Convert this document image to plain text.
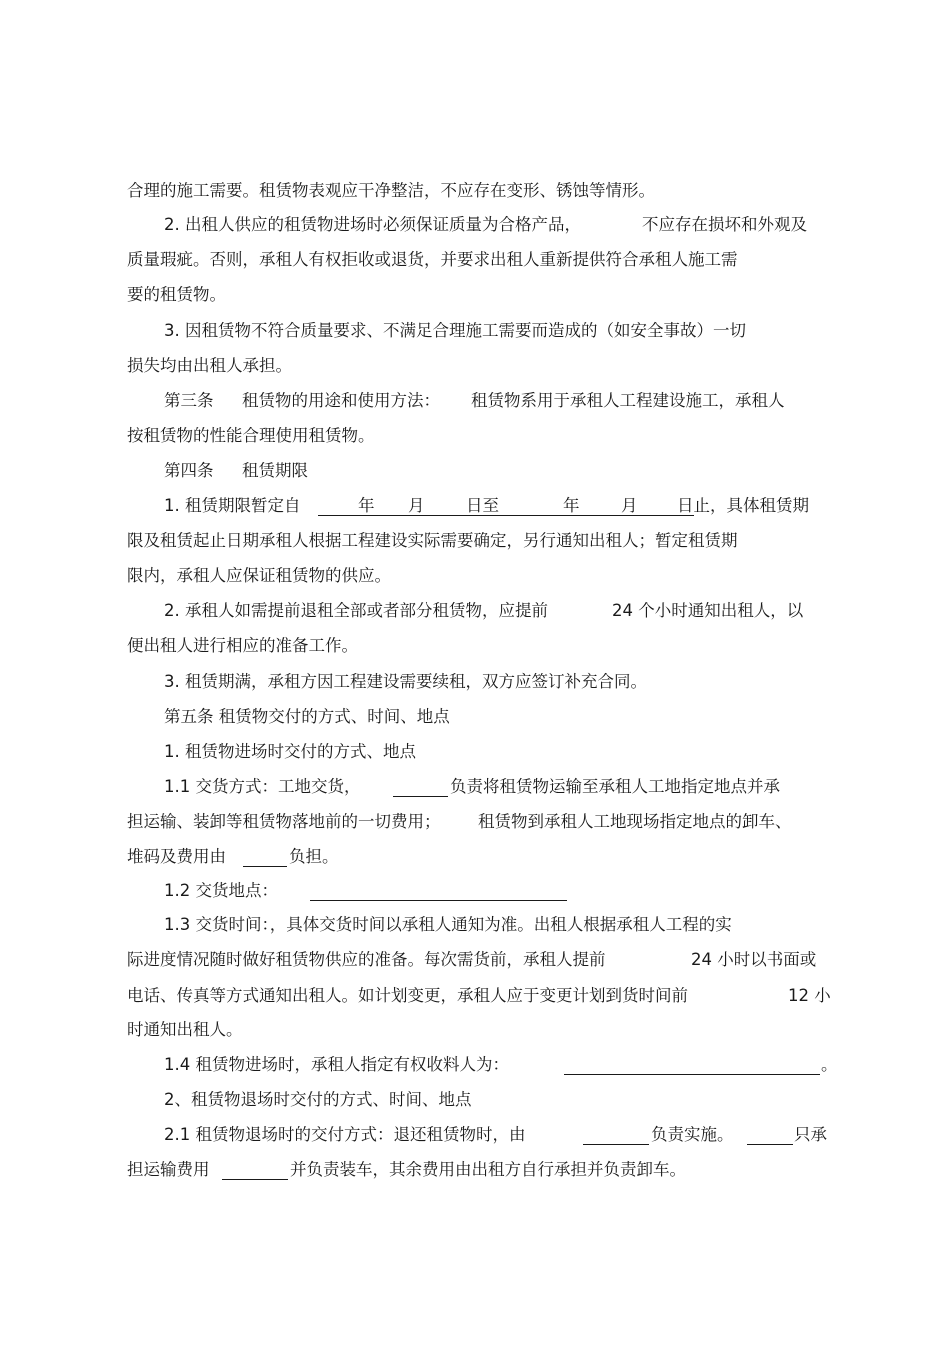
合理的施工需要。租赁物表观应干净整洁，不应存在变形、锈蚀等情形。
2. 出租人供应的租赁物进场时必须保证质量为合格产品，	不应存在损坏和外观及
质量瑕疵。否则，承租人有权拒收或退货，并要求出租人重新提供符合承租人施工需
要的租赁物。
3. 因租赁物不符合质量要求、不满足合理施工需要而造成的（如安全事故）一切
损失均由出租人承担。
第三条 租赁物的用途和使用方法： 租赁物系用于承租人工程建设施工，承租人
按租赁物的性能合理使用租赁物。
第四条 租赁期限
1. 租赁期限暂定自	年 月	日至	年	月 日止，具体租赁期
限及租赁起止日期承租人根据工程建设实际需要确定，另行通知出租人；暂定租赁期
限内，承租人应保证租赁物的供应。
2. 承租人如需提前退租全部或者部分租赁物，应提前	24 个小时通知出租人，以
便出租人进行相应的准备工作。
3. 租赁期满，承租方因工程建设需要续租，双方应签订补充合同。
第五条 租赁物交付的方式、时间、地点
1. 租赁物进场时交付的方式、地点
1.1 交货方式：工地交货，	负责将租赁物运输至承租人工地指定地点并承
担运输、装卸等租赁物落地前的一切费用； 租赁物到承租人工地现场指定地点的卸车、
堆码及费用由	负担。
1.2 交货地点：
1.3 交货时间：，具体交货时间以承租人通知为准。出租人根据承租人工程的实
际进度情况随时做好租赁物供应的准备。每次需货前，承租人提前	24 小时以书面或
电话、传真等方式通知出租人。如计划变更，承租人应于变更计划到货时间前	12 小
时通知出租人。
1.4 租赁物进场时，承租人指定有权收料人为：	。
2、租赁物退场时交付的方式、时间、地点
2.1 租赁物退场时的交付方式：退还租赁物时，由	负责实施。	只承
担运输费用	并负责装车，其余费用由出租方自行承担并负责卸车。
